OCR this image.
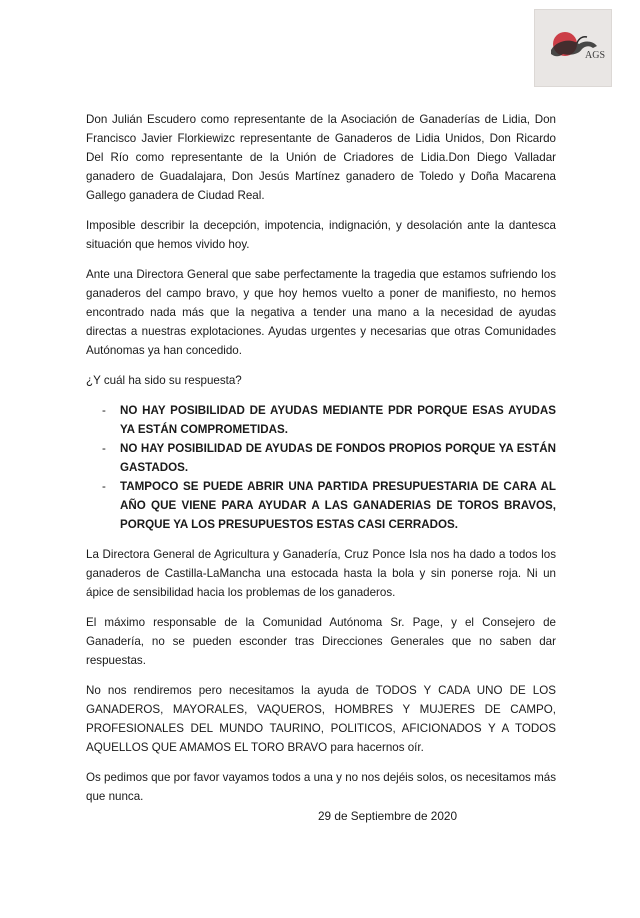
AGS

Don Julián Escudero como representante de la Asociación de Ganaderías de Lidia, Don Francisco Javier Florkiewizc representante de Ganaderos de Lidia Unidos, Don Ricardo Del Río como representante de la Unión de Criadores de Lidia.Don Diego Valladar ganadero de Guadalajara, Don Jesús Martínez ganadero de Toledo y Doña Macarena Gallego ganadera de Ciudad Real.

Imposible describir la decepción, impotencia, indignación, y desolación ante la dantesca situación que hemos vivido hoy.

Ante una Directora General que sabe perfectamente la tragedia que estamos sufriendo los ganaderos del campo bravo, y que hoy hemos vuelto a poner de manifiesto, no hemos encontrado nada más que la negativa a tender una mano a la necesidad de ayudas directas a nuestras explotaciones. Ayudas urgentes y necesarias que otras Comunidades Autónomas ya han concedido.

¿Y cuál ha sido su respuesta?

- NO HAY POSIBILIDAD DE AYUDAS MEDIANTE PDR PORQUE ESAS AYUDAS YA ESTÁN COMPROMETIDAS.
- NO HAY POSIBILIDAD DE AYUDAS DE FONDOS PROPIOS PORQUE YA ESTÁN GASTADOS.
- TAMPOCO SE PUEDE ABRIR UNA PARTIDA PRESUPUESTARIA DE CARA AL AÑO QUE VIENE PARA AYUDAR A LAS GANADERIAS DE TOROS BRAVOS, PORQUE YA LOS PRESUPUESTOS ESTAS CASI CERRADOS.

La Directora General de Agricultura y Ganadería, Cruz Ponce Isla nos ha dado a todos los ganaderos de Castilla-LaMancha una estocada hasta la bola y sin ponerse roja. Ni un ápice de sensibilidad hacia los problemas de los ganaderos.

El máximo responsable de la Comunidad Autónoma Sr. Page, y el Consejero de Ganadería, no se pueden esconder tras Direcciones Generales que no saben dar respuestas.

No nos rendiremos pero necesitamos la ayuda de TODOS Y CADA UNO DE LOS GANADEROS, MAYORALES, VAQUEROS, HOMBRES Y MUJERES DE CAMPO, PROFESIONALES DEL MUNDO TAURINO, POLITICOS, AFICIONADOS Y A TODOS AQUELLOS QUE AMAMOS EL TORO BRAVO para hacernos oír.

Os pedimos que por favor vayamos todos a una y no nos dejéis solos, os necesitamos más que nunca.

29 de Septiembre de 2020
